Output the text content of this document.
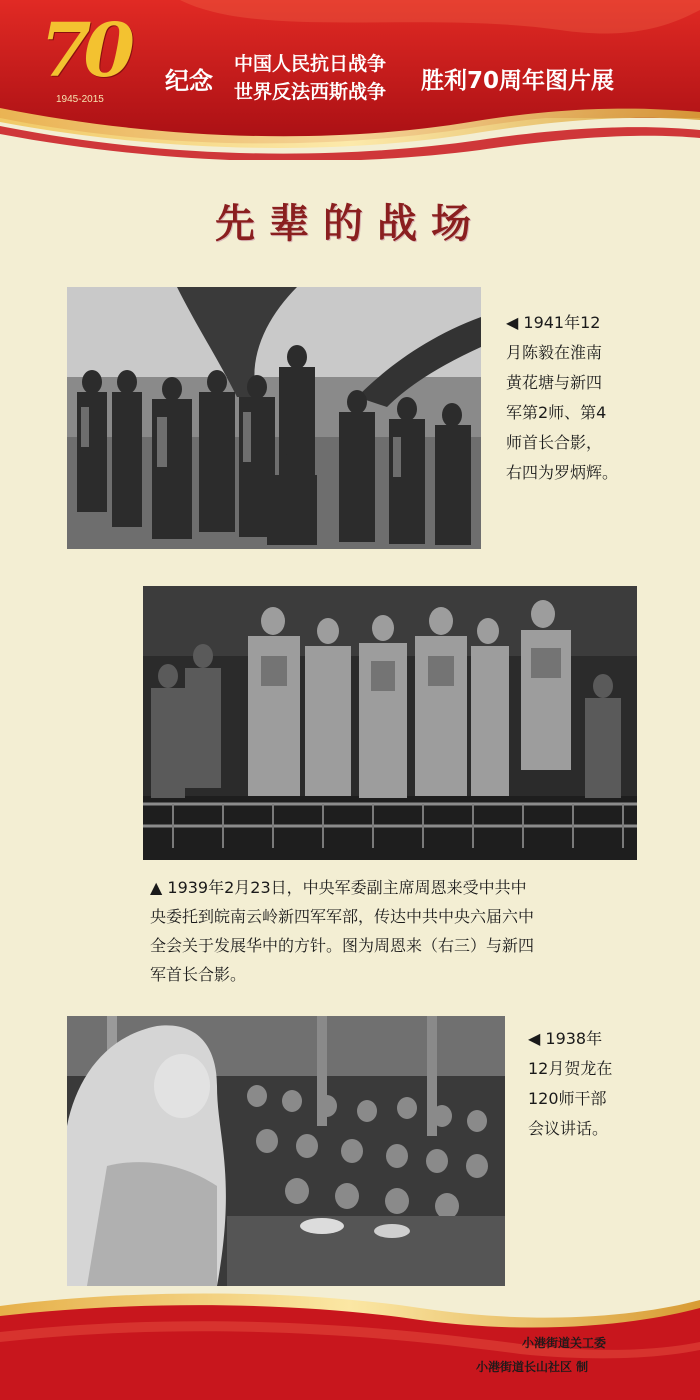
70
1945-2015
纪念
中国人民抗日战争
世界反法西斯战争 胜利70周年图片展
先辈的战场
◀ 1941年12
月陈毅在淮南
黄花塘与新四
军第2师、第4
师首长合影，
右四为罗炳辉。
▲ 1939年2月23日，中央军委副主席周恩来受中共中
央委托到皖南云岭新四军军部，传达中共中央六届六中
全会关于发展华中的方针。图为周恩来（右三）与新四
军首长合影。
◀ 1938年
12月贺龙在
120师干部
会议讲话。
小港街道关工委
小港街道长山社区 制
